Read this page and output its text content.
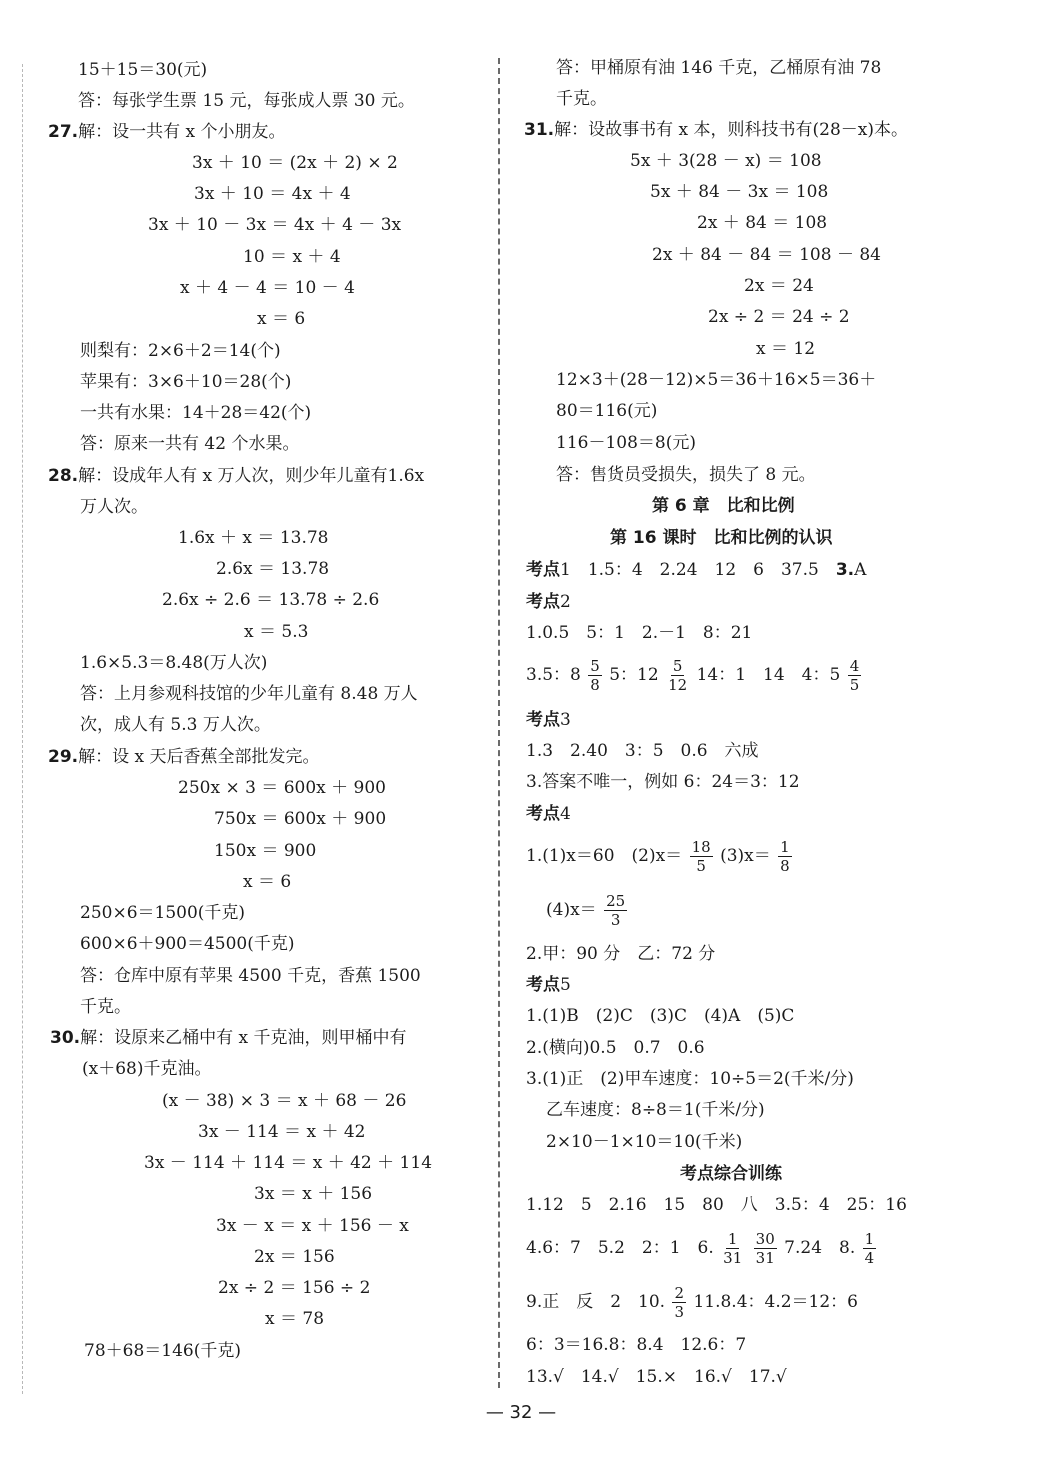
15＋15＝30(元)
答：每张学生票 15 元，每张成人票 30 元。
27.解：设一共有 x 个小朋友。
3x ＋ 10 ＝ (2x ＋ 2) × 2
3x ＋ 10 ＝ 4x ＋ 4
3x ＋ 10 － 3x ＝ 4x ＋ 4 － 3x
10 ＝ x ＋ 4
x ＋ 4 － 4 ＝ 10 － 4
x ＝ 6
则梨有：2×6＋2＝14(个)
苹果有：3×6＋10＝28(个)
一共有水果：14＋28＝42(个)
答：原来一共有 42 个水果。
28.解：设成年人有 x 万人次，则少年儿童有1.6x
万人次。
1.6x ＋ x ＝ 13.78
2.6x ＝ 13.78
2.6x ÷ 2.6 ＝ 13.78 ÷ 2.6
x ＝ 5.3
1.6×5.3＝8.48(万人次)
答：上月参观科技馆的少年儿童有 8.48 万人
次，成人有 5.3 万人次。
29.解：设 x 天后香蕉全部批发完。
250x × 3 ＝ 600x ＋ 900
750x ＝ 600x ＋ 900
150x ＝ 900
x ＝ 6
250×6＝1500(千克)
600×6＋900＝4500(千克)
答：仓库中原有苹果 4500 千克，香蕉 1500
千克。
30.解：设原来乙桶中有 x 千克油，则甲桶中有
(x＋68)千克油。
(x － 38) × 3 ＝ x ＋ 68 － 26
3x － 114 ＝ x ＋ 42
3x － 114 ＋ 114 ＝ x ＋ 42 ＋ 114
3x ＝ x ＋ 156
3x － x ＝ x ＋ 156 － x
2x ＝ 156
2x ÷ 2 ＝ 156 ÷ 2
x ＝ 78
78＋68＝146(千克)
答：甲桶原有油 146 千克，乙桶原有油 78
千克。
31.解：设故事书有 x 本，则科技书有(28－x)本。
5x ＋ 3(28 － x) ＝ 108
5x ＋ 84 － 3x ＝ 108
2x ＋ 84 ＝ 108
2x ＋ 84 － 84 ＝ 108 － 84
2x ＝ 24
2x ÷ 2 ＝ 24 ÷ 2
x ＝ 12
12×3＋(28－12)×5＝36＋16×5＝36＋
80＝116(元)
116－108＝8(元)
答：售货员受损失，损失了 8 元。
第 6 章　比和比例
第 16 课时　比和比例的认识
考点1　1.5：4　2.24　12　6　37.5　3.A
考点2
1.0.5　5：1　2.－1　8：21
3.5：$8 \frac{5}{8} 5$：$12 \frac{5}{12} 14$：1　14　4：$5 \frac{4}{5}$
考点3
1.3　2.40　3：5　0.6　六成
3.答案不唯一，例如 6：24＝3：12
考点4
1.(1)x＝60　$(2)x= \frac{18}{5} (3)x= \frac{1}{8}$
$(4)x= \frac{25}{3}$
2.甲：90 分　乙：72 分
考点5
1.(1)B　(2)C　(3)C　(4)A　(5)C
2.(横向)0.5　0.7　0.6
3.(1)正　(2)甲车速度：10÷5＝2(千米/分)
乙车速度：8÷8＝1(千米/分)
2×10－1×10＝10(千米)
考点综合训练
1.12　5　2.16　15　80　八　3.5：4　25：16
4.6：7　5.2　2：1　6. $\frac{1}{31}$
$\frac{30}{31} 7.24$　8. $\frac{1}{4}$
9.正　反　2　10. $\frac{2}{3} 11.8.4$：4.2＝12：6
6：3＝16.8：8.4　12.6：7
13.√　14.√　15.×　16.√　17.√
— 32 —
